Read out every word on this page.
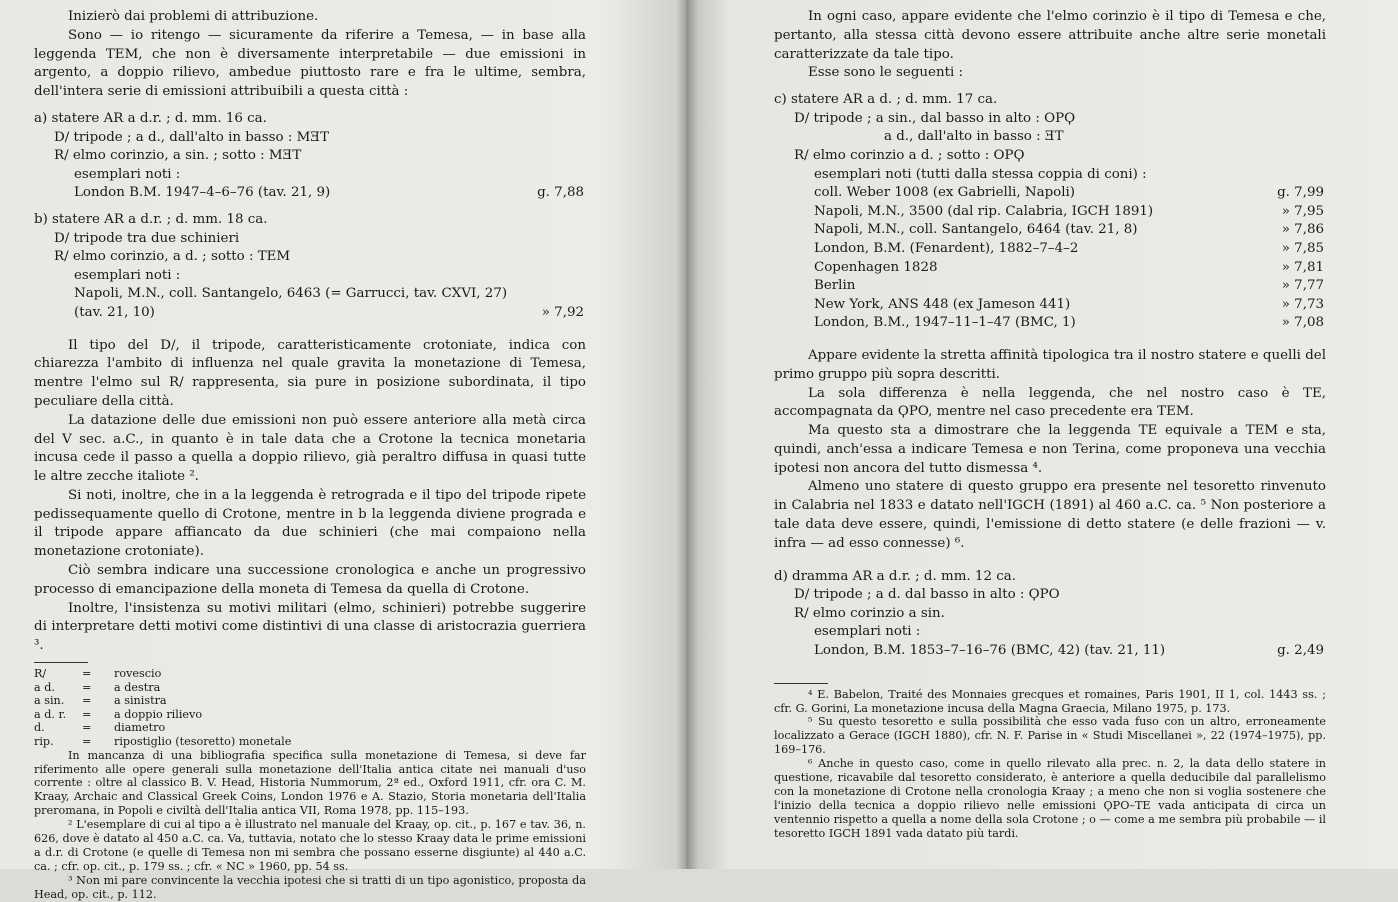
Inizierò dai problemi di attribuzione.

Sono — io ritengo — sicuramente da riferire a Temesa, — in base alla leggenda TEM, che non è diversamente interpretabile — due emissioni in argento, a doppio rilievo, ambedue piuttosto rare e fra le ultime, sembra, dell'intera serie di emissioni attribuibili a questa città :

a) statere AR a d.r. ; d. mm. 16 ca.
D/ tripode ; a d., dall'alto in basso : MƎT
R/ elmo corinzio, a sin. ; sotto : MƎT
esemplari noti :
London B.M. 1947–4–6–76 (tav. 21, 9)	g. 7,88
b) statere AR a d.r. ; d. mm. 18 ca.
D/ tripode tra due schinieri
R/ elmo corinzio, a d. ; sotto : TEM
esemplari noti :
Napoli, M.N., coll. Santangelo, 6463 (= Garrucci, tav. CXVI, 27)
(tav. 21, 10)	» 7,92

Il tipo del D/, il tripode, caratteristicamente crotoniate, indica con chiarezza l'ambito di influenza nel quale gravita la monetazione di Temesa, mentre l'elmo sul R/ rappresenta, sia pure in posizione subordinata, il tipo peculiare della città.

La datazione delle due emissioni non può essere anteriore alla metà circa del V sec. a.C., in quanto è in tale data che a Crotone la tecnica monetaria incusa cede il passo a quella a doppio rilievo, già peraltro diffusa in quasi tutte le altre zecche italiote ².

Si noti, inoltre, che in a la leggenda è retrograda e il tipo del tripode ripete pedissequamente quello di Crotone, mentre in b la leggenda diviene prograda e il tripode appare affiancato da due schinieri (che mai compaiono nella monetazione crotoniate).

Ciò sembra indicare una successione cronologica e anche un progressivo processo di emancipazione della moneta di Temesa da quella di Crotone.

Inoltre, l'insistenza su motivi militari (elmo, schinieri) potrebbe suggerire di interpretare detti motivi come distintivi di una classe di aristocrazia guerriera ³.

R/	=	rovescio
a d.	=	a destra
a sin.	=	a sinistra
a d. r.	=	a doppio rilievo
d.	=	diametro
rip.	=	ripostiglio (tesoretto) monetale

In mancanza di una bibliografia specifica sulla monetazione di Temesa, si deve far riferimento alle opere generali sulla monetazione dell'Italia antica citate nei manuali d'uso corrente : oltre al classico B. V. Head, Historia Nummorum, 2ª ed., Oxford 1911, cfr. ora C. M. Kraay, Archaic and Classical Greek Coins, London 1976 e A. Stazio, Storia monetaria dell'Italia preromana, in Popoli e civiltà dell'Italia antica VII, Roma 1978, pp. 115–193.

² L'esemplare di cui al tipo a è illustrato nel manuale del Kraay, op. cit., p. 167 e tav. 36, n. 626, dove è datato al 450 a.C. ca. Va, tuttavia, notato che lo stesso Kraay data le prime emissioni a d.r. di Crotone (e quelle di Temesa non mi sembra che possano esserne disgiunte) al 440 a.C. ca. ; cfr. op. cit., p. 179 ss. ; cfr. « NC » 1960, pp. 54 ss.

³ Non mi pare convincente la vecchia ipotesi che si tratti di un tipo agonistico, proposta da Head, op. cit., p. 112.

In ogni caso, appare evidente che l'elmo corinzio è il tipo di Temesa e che, pertanto, alla stessa città devono essere attribuite anche altre serie monetali caratterizzate da tale tipo.

Esse sono le seguenti :

c) statere AR a d. ; d. mm. 17 ca.
D/ tripode ; a sin., dal basso in alto : OΡϘ
a d., dall'alto in basso : ƎT
R/ elmo corinzio a d. ; sotto : OΡϘ
esemplari noti (tutti dalla stessa coppia di coni) :
coll. Weber 1008 (ex Gabrielli, Napoli)	g. 7,99
Napoli, M.N., 3500 (dal rip. Calabria, IGCH 1891)	» 7,95
Napoli, M.N., coll. Santangelo, 6464 (tav. 21, 8)	» 7,86
London, B.M. (Fenardent), 1882–7–4–2	» 7,85
Copenhagen 1828	» 7,81
Berlin	» 7,77
New York, ANS 448 (ex Jameson 441)	» 7,73
London, B.M., 1947–11–1–47 (BMC, 1)	» 7,08

Appare evidente la stretta affinità tipologica tra il nostro statere e quelli del primo gruppo più sopra descritti.

La sola differenza è nella leggenda, che nel nostro caso è TE, accompagnata da ϘPO, mentre nel caso precedente era TEM.

Ma questo sta a dimostrare che la leggenda TE equivale a TEM e sta, quindi, anch'essa a indicare Temesa e non Terina, come proponeva una vecchia ipotesi non ancora del tutto dismessa ⁴.

Almeno uno statere di questo gruppo era presente nel tesoretto rinvenuto in Calabria nel 1833 e datato nell'IGCH (1891) al 460 a.C. ca. ⁵ Non posteriore a tale data deve essere, quindi, l'emissione di detto statere (e delle frazioni — v. infra — ad esso connesse) ⁶.

d) dramma AR a d.r. ; d. mm. 12 ca.
D/ tripode ; a d. dal basso in alto : ϘPO
R/ elmo corinzio a sin.
esemplari noti :
London, B.M. 1853–7–16–76 (BMC, 42) (tav. 21, 11)	g. 2,49

⁴ E. Babelon, Traité des Monnaies grecques et romaines, Paris 1901, II 1, col. 1443 ss. ; cfr. G. Gorini, La monetazione incusa della Magna Graecia, Milano 1975, p. 173.

⁵ Su questo tesoretto e sulla possibilità che esso vada fuso con un altro, erroneamente localizzato a Gerace (IGCH 1880), cfr. N. F. Parise in « Studi Miscellanei », 22 (1974–1975), pp. 169–176.

⁶ Anche in questo caso, come in quello rilevato alla prec. n. 2, la data dello statere in questione, ricavabile dal tesoretto considerato, è anteriore a quella deducibile dal parallelismo con la monetazione di Crotone nella cronologia Kraay ; a meno che non si voglia sostenere che l'inizio della tecnica a doppio rilievo nelle emissioni ϘPO–TE vada anticipata di circa un ventennio rispetto a quella a nome della sola Crotone ; o — come a me sembra più probabile — il tesoretto IGCH 1891 vada datato più tardi.
